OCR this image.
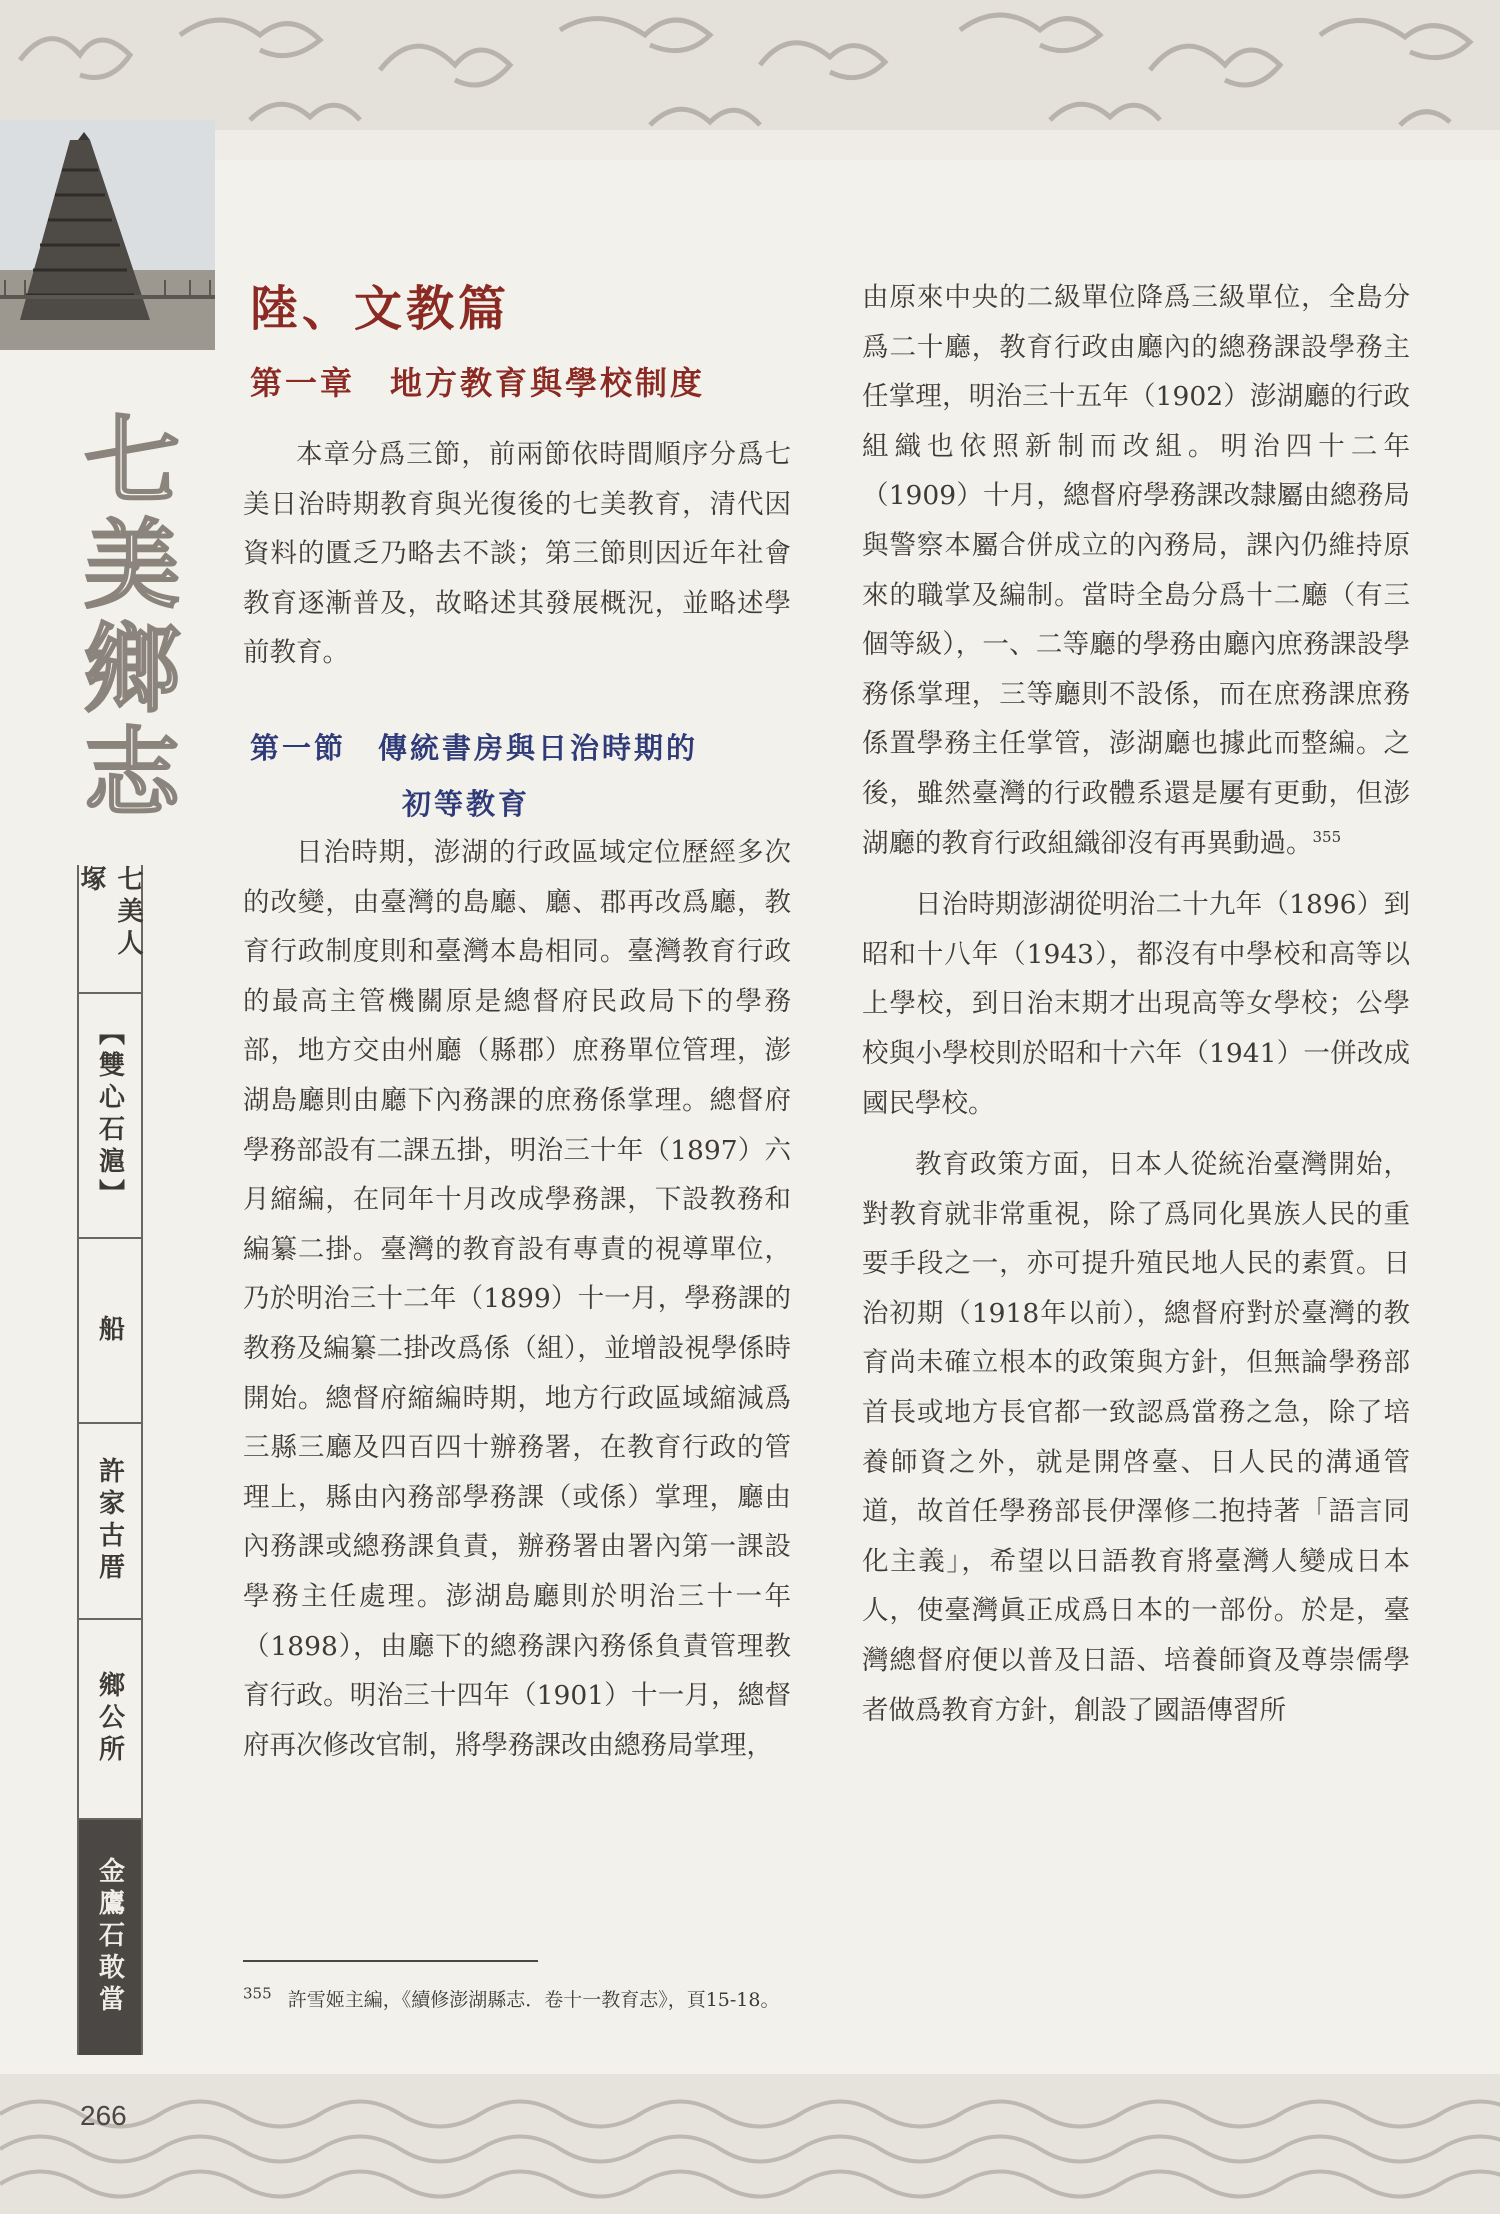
七美鄉志
七美人塚
【雙心石滬】
船
許家古厝
鄉公所
金鷹石敢當
陸、文教篇
第一章　地方教育與學校制度

本章分爲三節，前兩節依時間順序分爲七美日治時期教育與光復後的七美教育，清代因資料的匱乏乃略去不談；第三節則因近年社會教育逐漸普及，故略述其發展概況，並略述學前教育。

第一節　傳統書房與日治時期的
初等教育

日治時期，澎湖的行政區域定位歷經多次的改變，由臺灣的島廳、廳、郡再改爲廳，教育行政制度則和臺灣本島相同。臺灣教育行政的最高主管機關原是總督府民政局下的學務部，地方交由州廳（縣郡）庶務單位管理，澎湖島廳則由廳下內務課的庶務係掌理。總督府學務部設有二課五掛，明治三十年（1897）六月縮編，在同年十月改成學務課，下設教務和編纂二掛。臺灣的教育設有專責的視導單位，乃於明治三十二年（1899）十一月，學務課的教務及編纂二掛改爲係（組），並增設視學係時開始。總督府縮編時期，地方行政區域縮減爲三縣三廳及四百四十辦務署，在教育行政的管理上，縣由內務部學務課（或係）掌理，廳由內務課或總務課負責，辦務署由署內第一課設學務主任處理。澎湖島廳則於明治三十一年（1898），由廳下的總務課內務係負責管理教育行政。明治三十四年（1901）十一月，總督府再次修改官制，將學務課改由總務局掌理，

由原來中央的二級單位降爲三級單位，全島分爲二十廳，教育行政由廳內的總務課設學務主任掌理，明治三十五年（1902）澎湖廳的行政組織也依照新制而改組。明治四十二年（1909）十月，總督府學務課改隸屬由總務局與警察本屬合併成立的內務局，課內仍維持原來的職掌及編制。當時全島分爲十二廳（有三個等級），一、二等廳的學務由廳內庶務課設學務係掌理，三等廳則不設係，而在庶務課庶務係置學務主任掌管，澎湖廳也據此而整編。之後，雖然臺灣的行政體系還是屢有更動，但澎湖廳的教育行政組織卻沒有再異動過。$^{355}$

日治時期澎湖從明治二十九年（1896）到昭和十八年（1943），都沒有中學校和高等以上學校，到日治末期才出現高等女學校；公學校與小學校則於昭和十六年（1941）一併改成國民學校。

教育政策方面，日本人從統治臺灣開始，對教育就非常重視，除了爲同化異族人民的重要手段之一，亦可提升殖民地人民的素質。日治初期（1918年以前），總督府對於臺灣的教育尚未確立根本的政策與方針，但無論學務部首長或地方長官都一致認爲當務之急，除了培養師資之外，就是開啓臺、日人民的溝通管道，故首任學務部長伊澤修二抱持著「語言同化主義」，希望以日語教育將臺灣人變成日本人，使臺灣眞正成爲日本的一部份。於是，臺灣總督府便以普及日語、培養師資及尊崇儒學者做爲教育方針，創設了國語傳習所

$^{355}$ 許雪姬主編，《續修澎湖縣志．卷十一教育志》，頁15-18。
266
